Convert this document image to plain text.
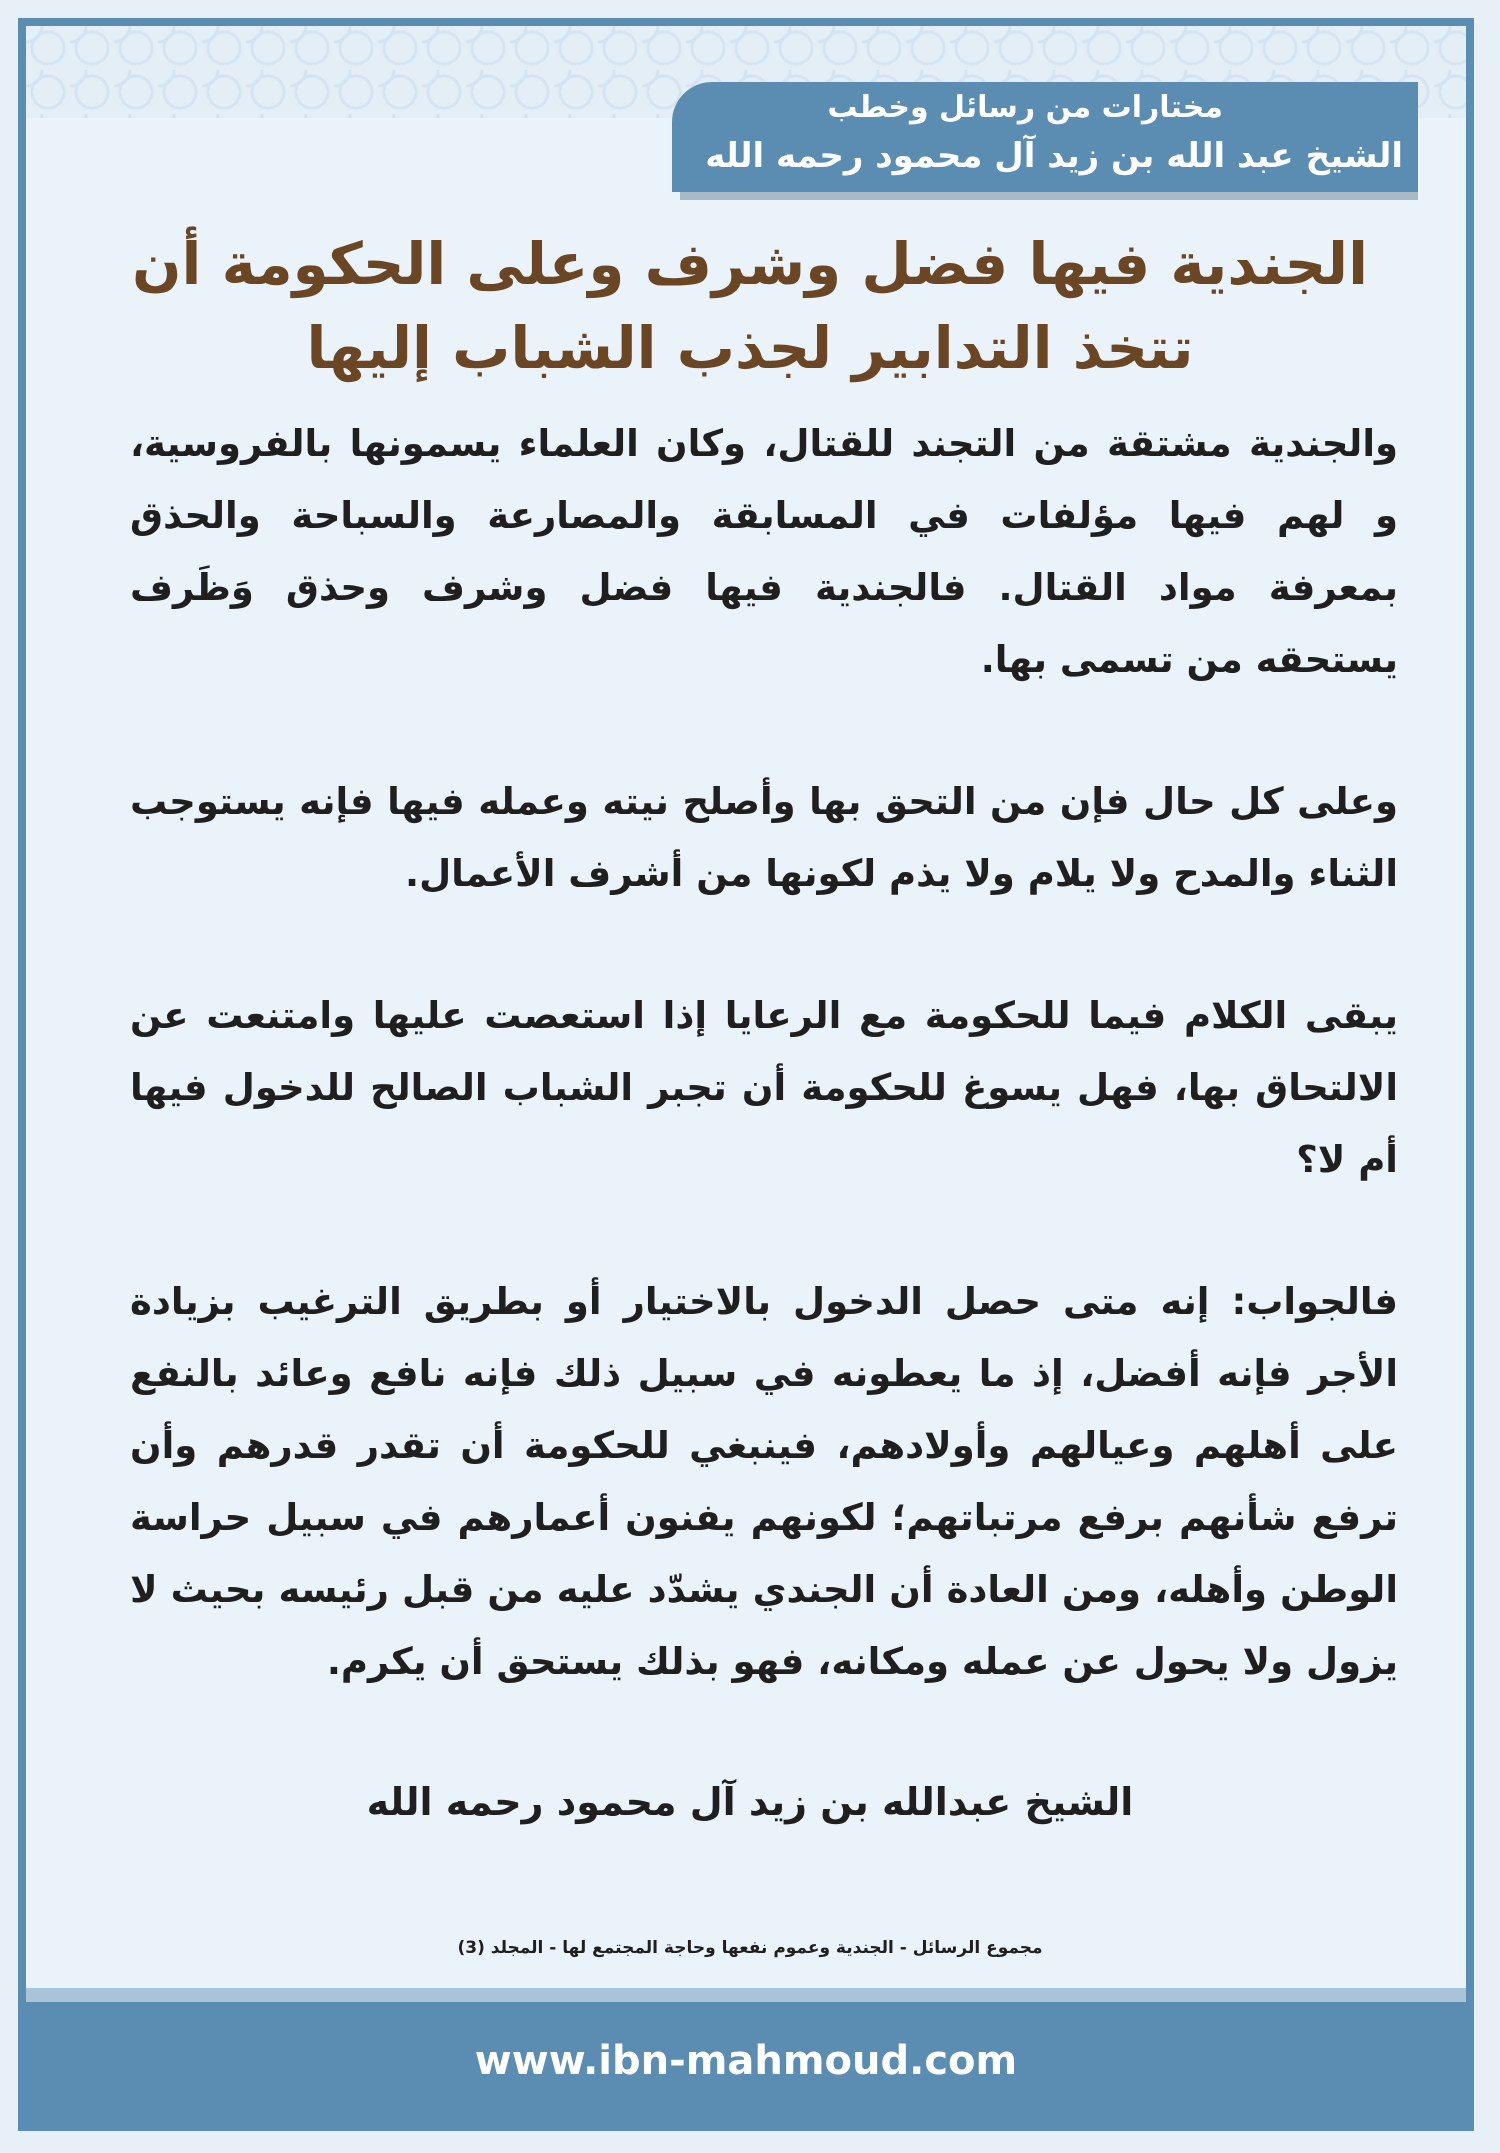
مختارات من رسائل وخطب
الشيخ عبد الله بن زيد آل محمود رحمه الله
الجندية فيها فضل وشرف وعلى الحكومة أن تتخذ التدابير لجذب الشباب إليها

والجندية مشتقة من التجند للقتال، وكان العلماء يسمونها بالفروسية، و لهم فيها مؤلفات في المسابقة والمصارعة والسباحة والحذق بمعرفة مواد القتال. فالجندية فيها فضل وشرف وحذق وَظَرف يستحقه من تسمى بها.

وعلى كل حال فإن من التحق بها وأصلح نيته وعمله فيها فإنه يستوجب الثناء والمدح ولا يلام ولا يذم لكونها من أشرف الأعمال.

يبقى الكلام فيما للحكومة مع الرعايا إذا استعصت عليها وامتنعت عن الالتحاق بها، فهل يسوغ للحكومة أن تجبر الشباب الصالح للدخول فيها أم لا؟

فالجواب: إنه متى حصل الدخول بالاختيار أو بطريق الترغيب بزيادة الأجر فإنه أفضل، إذ ما يعطونه في سبيل ذلك فإنه نافع وعائد بالنفع على أهلهم وعيالهم وأولادهم، فينبغي للحكومة أن تقدر قدرهم وأن ترفع شأنهم برفع مرتباتهم؛ لكونهم يفنون أعمارهم في سبيل حراسة الوطن وأهله، ومن العادة أن الجندي يشدّد عليه من قبل رئيسه بحيث لا يزول ولا يحول عن عمله ومكانه، فهو بذلك يستحق أن يكرم.

الشيخ عبدالله بن زيد آل محمود رحمه الله
مجموع الرسائل - الجندية وعموم نفعها وحاجة المجتمع لها - المجلد (3)
www.ibn-mahmoud.com
